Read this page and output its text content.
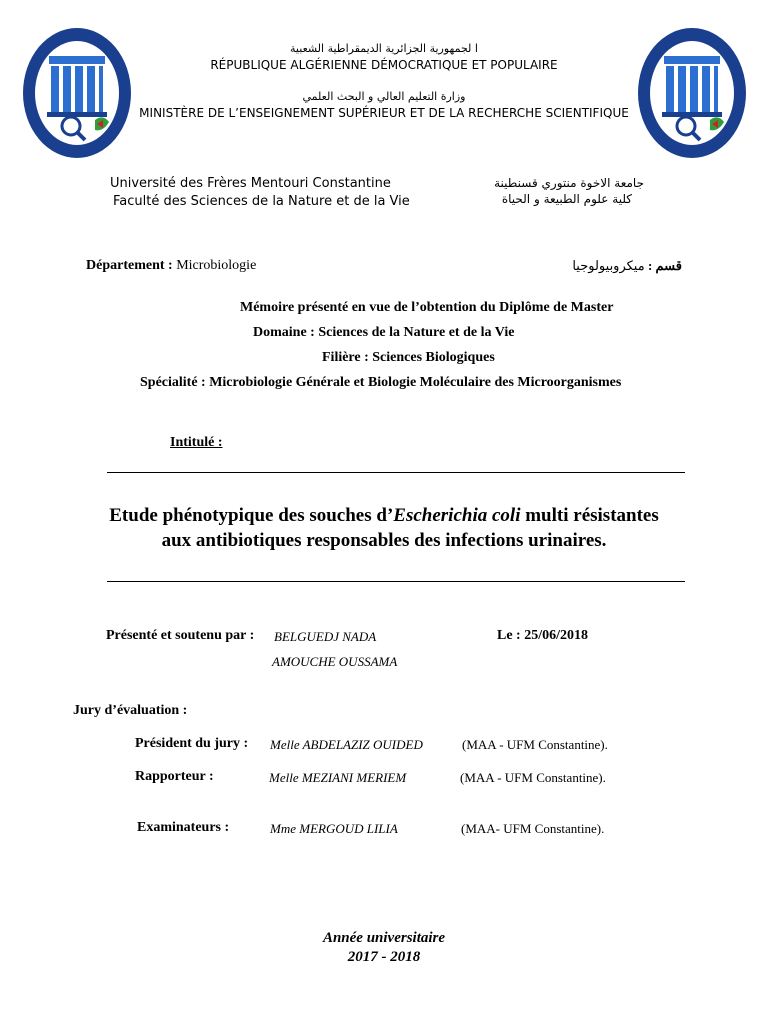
ا لجمهورية الجزائرية الديمقراطية الشعبية
RÉPUBLIQUE ALGÉRIENNE DÉMOCRATIQUE ET POPULAIRE
وزارة التعليم العالي و البحث العلمي
MINISTÈRE DE L’ENSEIGNEMENT SUPÉRIEUR ET DE LA RECHERCHE SCIENTIFIQUE
Université des Frères Mentouri Constantine
Faculté des Sciences de la Nature et de la Vie
جامعة الاخوة منتوري قسنطينة
كلية علوم الطبيعة و الحياة
Département : Microbiologie	قسم : ميكروبيولوجيا
Mémoire présenté en vue de l’obtention du Diplôme de Master
Domaine : Sciences de la Nature et de la Vie
Filière : Sciences Biologiques
Spécialité : Microbiologie Générale et Biologie Moléculaire des Microorganismes
Intitulé :
Etude phénotypique des souches d’Escherichia coli multi résistantes
aux antibiotiques responsables des infections urinaires.
Présenté et soutenu par : BELGUEDJ NADA
AMOUCHE OUSSAMA
Le : 25/06/2018
Jury d’évaluation :
Président du jury : Melle ABDELAZIZ OUIDED	(MAA - UFM Constantine).
Rapporteur :	Melle MEZIANI MERIEM	(MAA - UFM Constantine).
Examinateurs :	Mme MERGOUD LILIA	(MAA- UFM Constantine).
Année universitaire
2017 - 2018
